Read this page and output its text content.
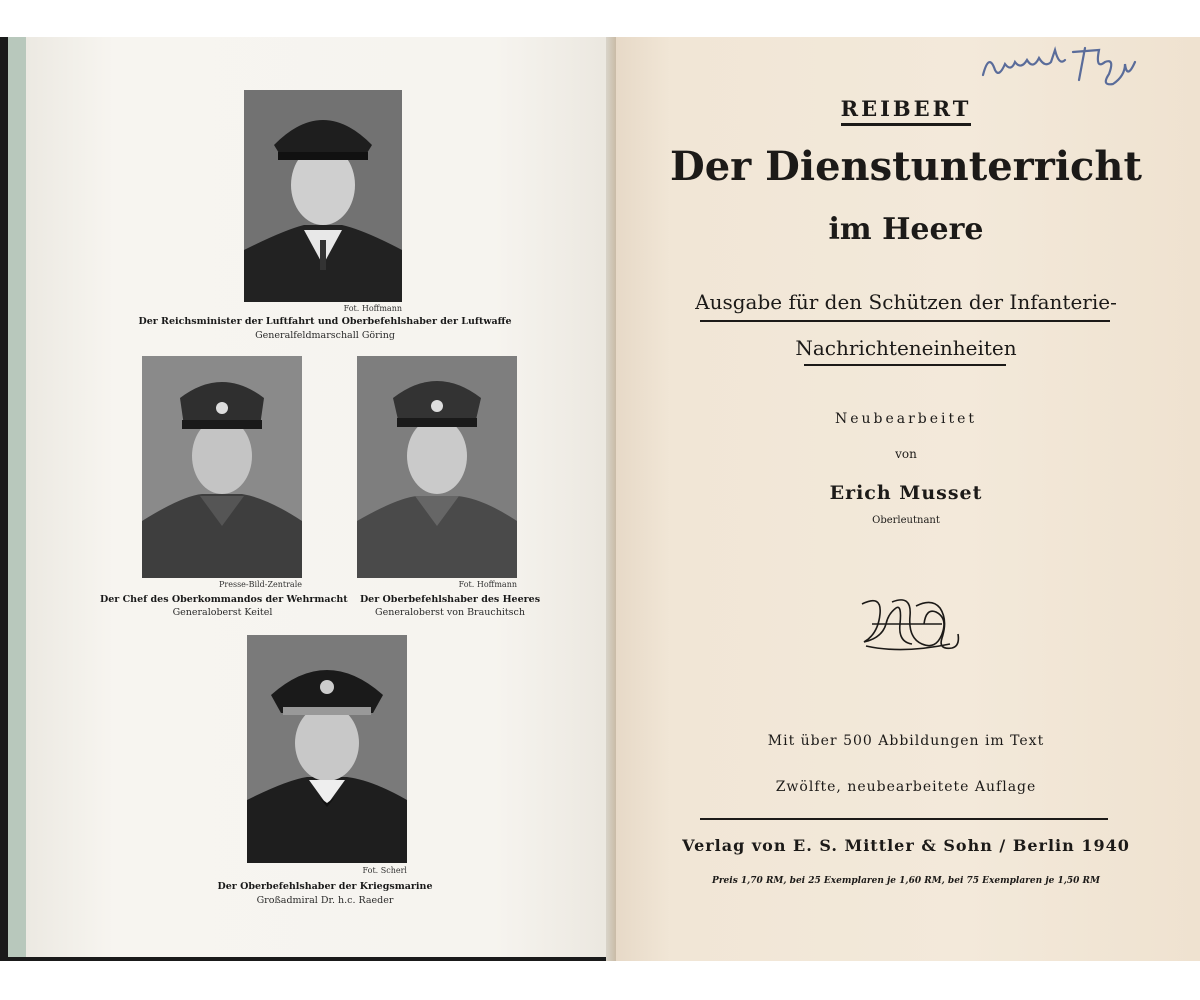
Fot. Hoffmann
Der Reichsminister der Luftfahrt und Oberbefehlshaber der Luftwaffe
Generalfeldmarschall Göring
Presse-Bild-Zentrale
Der Chef des Oberkommandos der Wehrmacht
Generaloberst Keitel
Fot. Hoffmann
Der Oberbefehlshaber des Heeres
Generaloberst von Brauchitsch
Fot. Scherl
Der Oberbefehlshaber der Kriegsmarine
Großadmiral Dr. h.c. Raeder
REIBERT
Der Dienstunterricht
im Heere
Ausgabe für den Schützen der Infanterie-
Nachrichteneinheiten
Neubearbeitet
von
Erich Musset
Oberleutnant
Mit über 500 Abbildungen im Text
Zwölfte, neubearbeitete Auflage
Verlag von E. S. Mittler & Sohn / Berlin 1940
Preis 1,70 RM, bei 25 Exemplaren je 1,60 RM, bei 75 Exemplaren je 1,50 RM
